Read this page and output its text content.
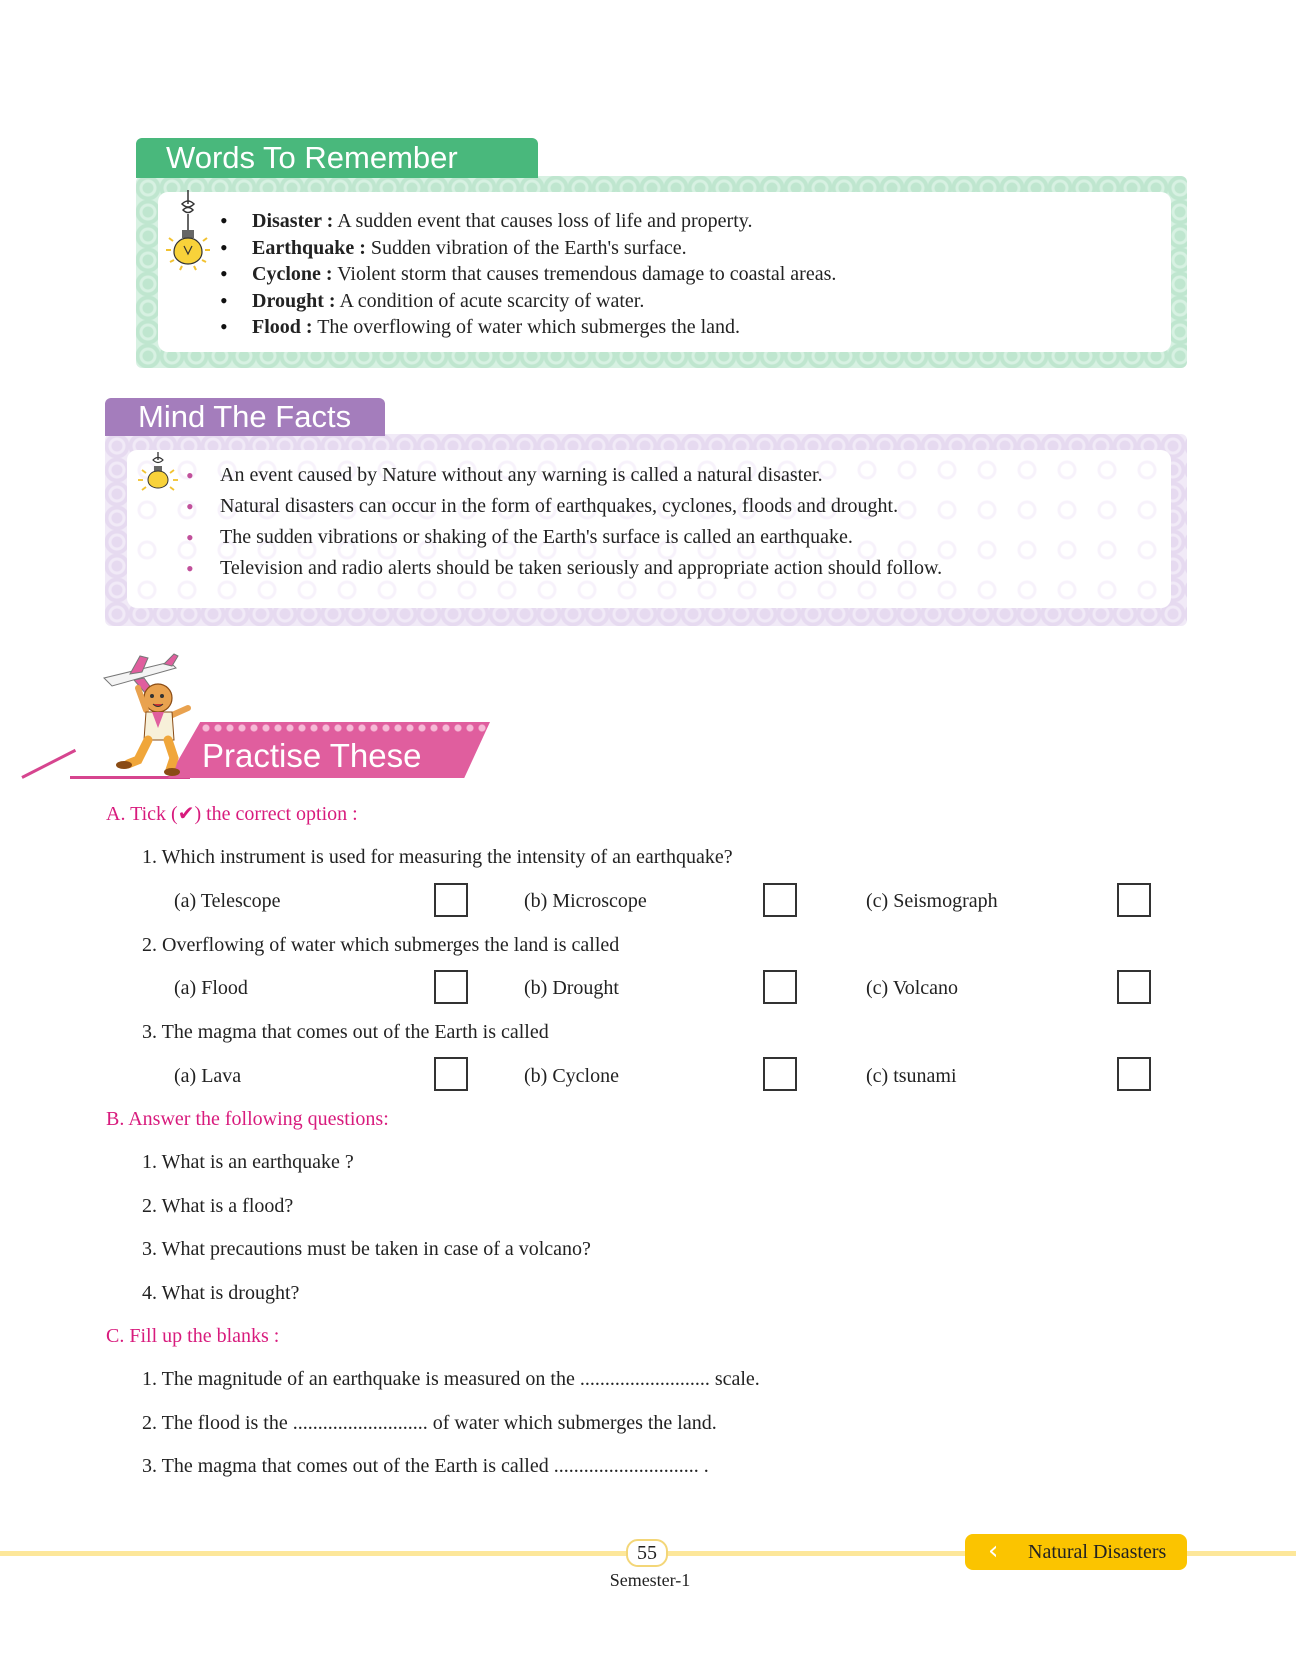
Words To Remember
• Disaster : A sudden event that causes loss of life and property.
• Earthquake : Sudden vibration of the Earth's surface.
• Cyclone : Violent storm that causes tremendous damage to coastal areas.
• Drought : A condition of acute scarcity of water.
• Flood : The overflowing of water which submerges the land.
Mind The Facts
• An event caused by Nature without any warning is called a natural disaster.
• Natural disasters can occur in the form of earthquakes, cyclones, floods and drought.
• The sudden vibrations or shaking of the Earth's surface is called an earthquake.
• Television and radio alerts should be taken seriously and appropriate action should follow.
Practise These
A. Tick (✔) the correct option :
1. Which instrument is used for measuring the intensity of an earthquake?
(a) Telescope	(b) Microscope	(c) Seismograph
2. Overflowing of water which submerges the land is called
(a) Flood	(b) Drought	(c) Volcano
3. The magma that comes out of the Earth is called
(a) Lava	(b) Cyclone	(c) tsunami
B. Answer the following questions:
1. What is an earthquake ?
2. What is a flood?
3. What precautions must be taken in case of a volcano?
4. What is drought?
C. Fill up the blanks :
1. The magnitude of an earthquake is measured on the .......................... scale.
2. The flood is the ........................... of water which submerges the land.
3. The magma that comes out of the Earth is called ............................. .
55
Semester-1
‹ Natural Disasters
